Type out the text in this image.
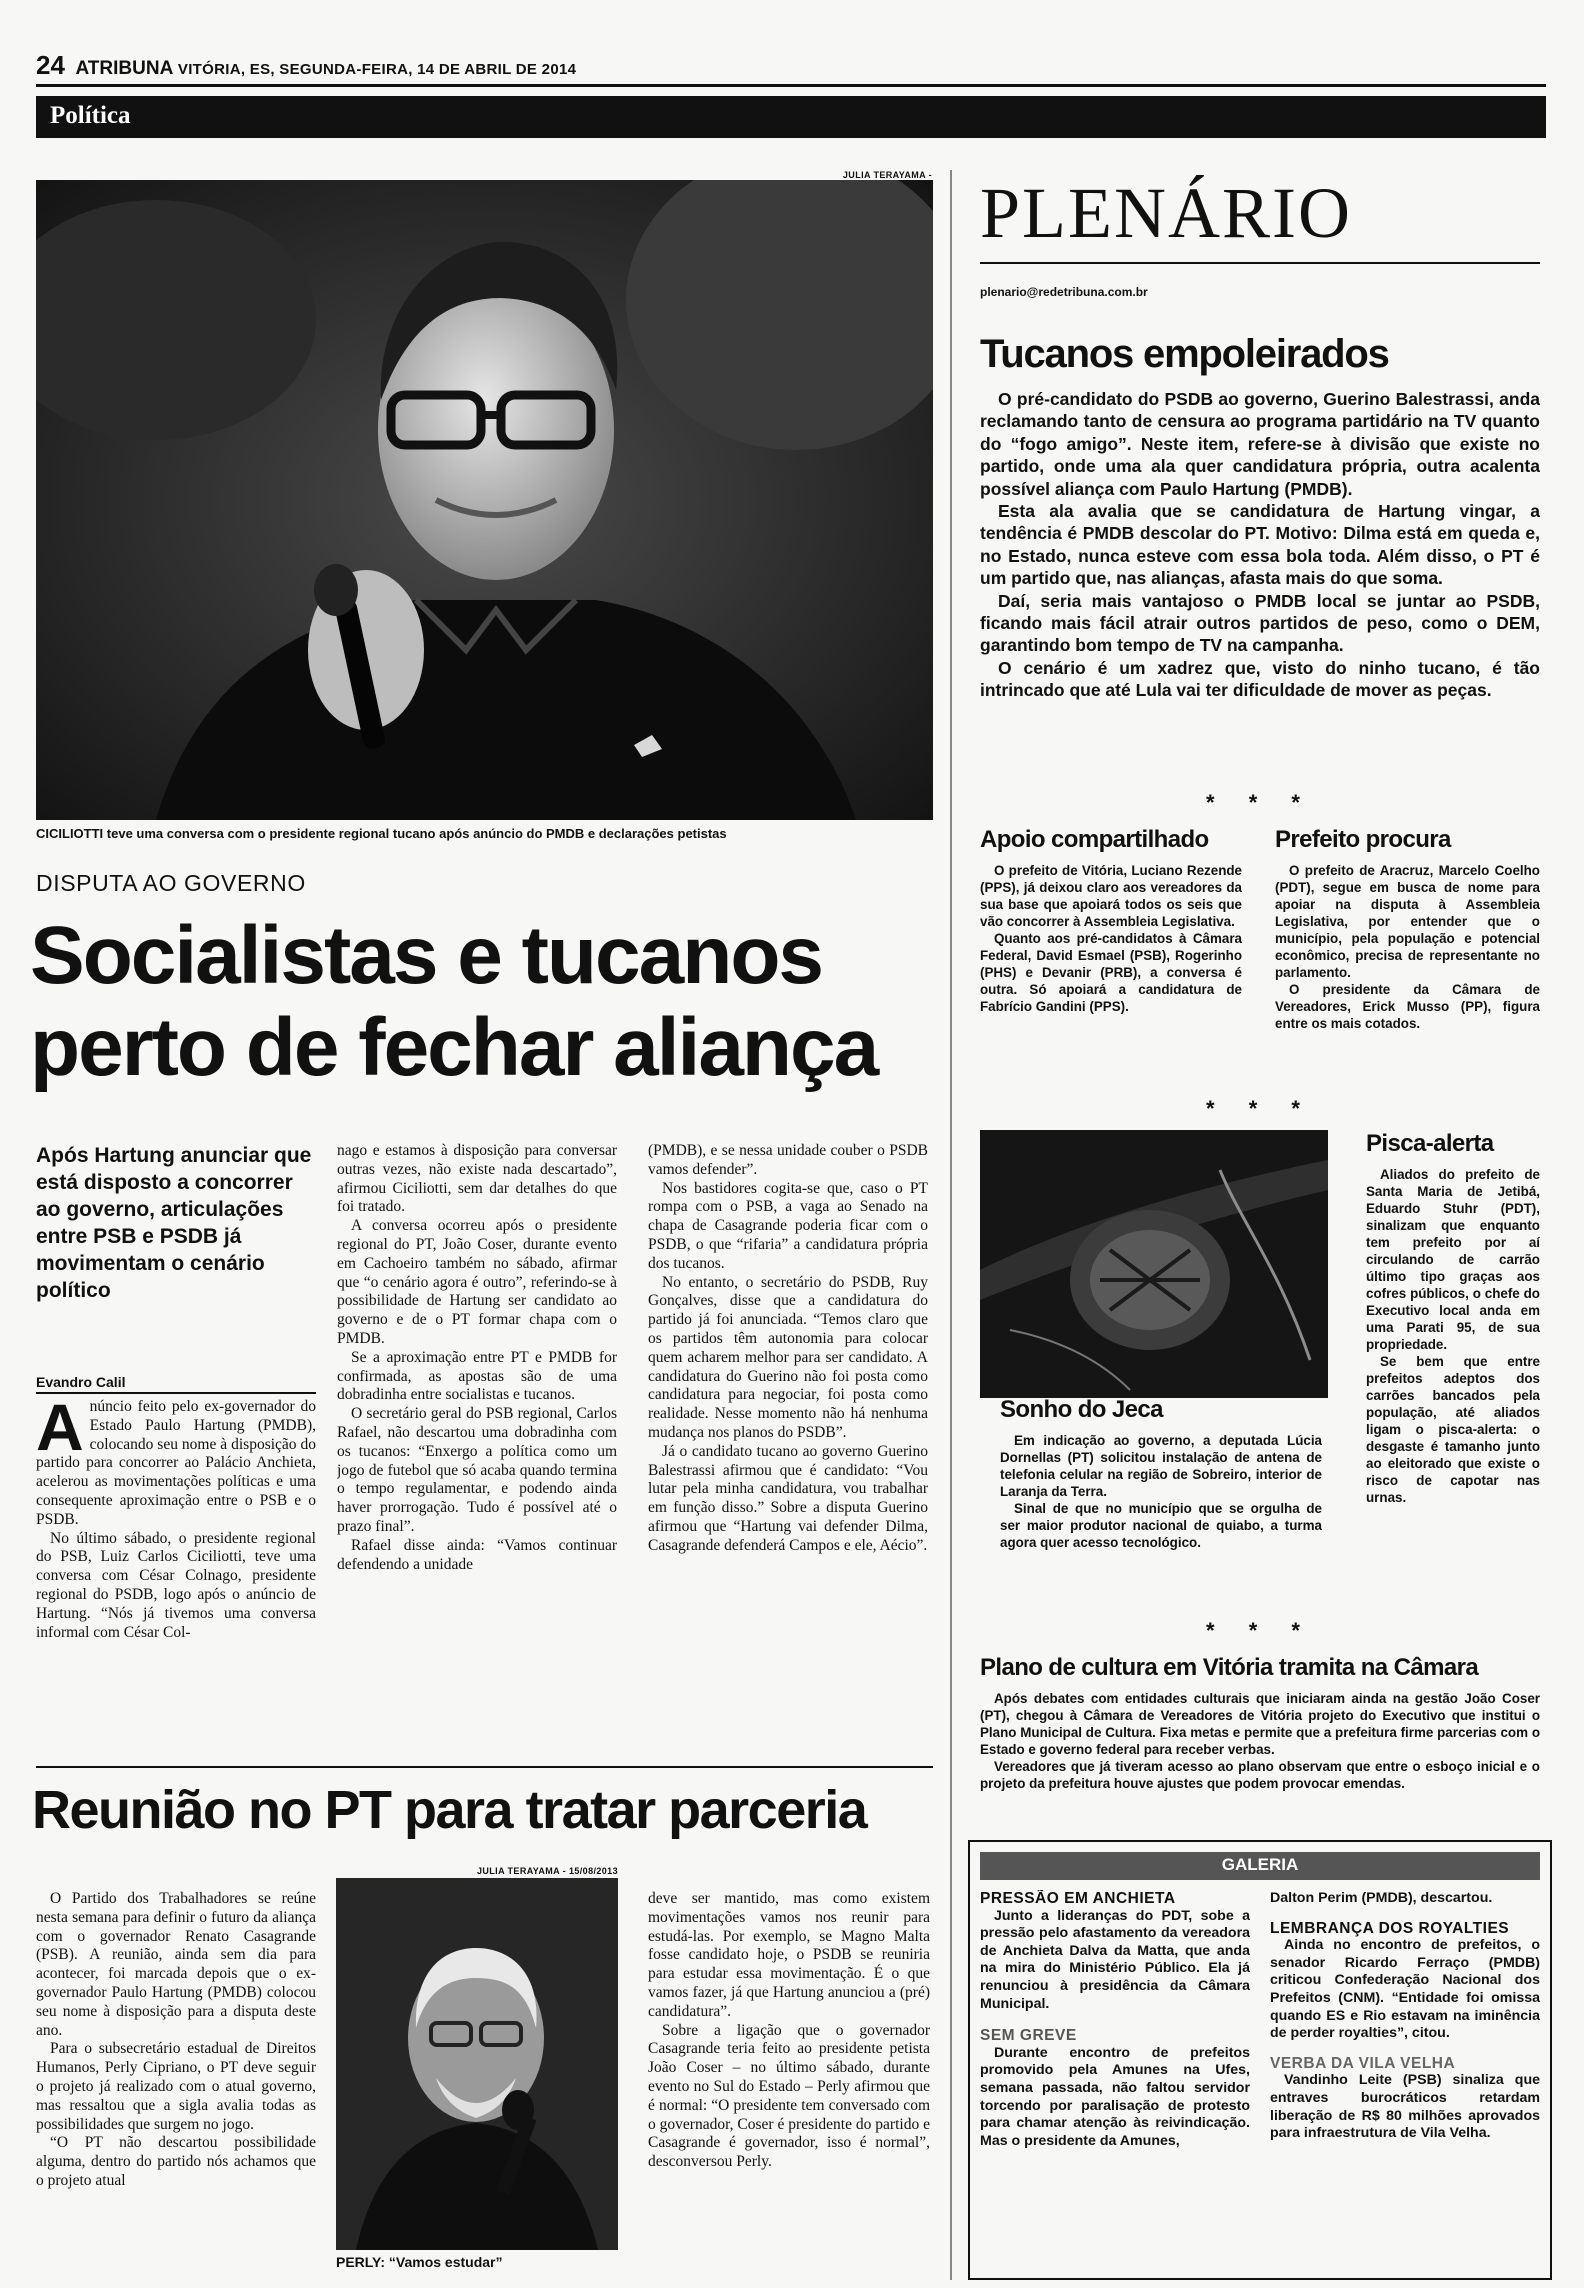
24 ATRIBUNA VITÓRIA, ES, SEGUNDA-FEIRA, 14 DE ABRIL DE 2014
Política
JULIA TERAYAMA -
CICILIOTTI teve uma conversa com o presidente regional tucano após anúncio do PMDB e declarações petistas
DISPUTA AO GOVERNO
Socialistas e tucanos
perto de fechar aliança
Após Hartung anunciar que está disposto a concorrer ao governo, articulações entre PSB e PSDB já movimentam o cenário político
Evandro Calil

Anúncio feito pelo ex-governador do Estado Paulo Hartung (PMDB), colocando seu nome à disposição do partido para concorrer ao Palácio Anchieta, acelerou as movimentações políticas e uma consequente aproximação entre o PSB e o PSDB.

No último sábado, o presidente regional do PSB, Luiz Carlos Ciciliotti, teve uma conversa com César Colnago, presidente regional do PSDB, logo após o anúncio de Hartung. “Nós já tivemos uma conversa informal com César Col-

nago e estamos à disposição para conversar outras vezes, não existe nada descartado”, afirmou Ciciliotti, sem dar detalhes do que foi tratado.

A conversa ocorreu após o presidente regional do PT, João Coser, durante evento em Cachoeiro também no sábado, afirmar que “o cenário agora é outro”, referindo-se à possibilidade de Hartung ser candidato ao governo e de o PT formar chapa com o PMDB.

Se a aproximação entre PT e PMDB for confirmada, as apostas são de uma dobradinha entre socialistas e tucanos.

O secretário geral do PSB regional, Carlos Rafael, não descartou uma dobradinha com os tucanos: “Enxergo a política como um jogo de futebol que só acaba quando termina o tempo regulamentar, e podendo ainda haver prorrogação. Tudo é possível até o prazo final”.

Rafael disse ainda: “Vamos continuar defendendo a unidade

(PMDB), e se nessa unidade couber o PSDB vamos defender”.

Nos bastidores cogita-se que, caso o PT rompa com o PSB, a vaga ao Senado na chapa de Casagrande poderia ficar com o PSDB, o que “rifaria” a candidatura própria dos tucanos.

No entanto, o secretário do PSDB, Ruy Gonçalves, disse que a candidatura do partido já foi anunciada. “Temos claro que os partidos têm autonomia para colocar quem acharem melhor para ser candidato. A candidatura do Guerino não foi posta como candidatura para negociar, foi posta como realidade. Nesse momento não há nenhuma mudança nos planos do PSDB”.

Já o candidato tucano ao governo Guerino Balestrassi afirmou que é candidato: “Vou lutar pela minha candidatura, vou trabalhar em função disso.” Sobre a disputa Guerino afirmou que “Hartung vai defender Dilma, Casagrande defenderá Campos e ele, Aécio”.

Reunião no PT para tratar parceria

O Partido dos Trabalhadores se reúne nesta semana para definir o futuro da aliança com o governador Renato Casagrande (PSB). A reunião, ainda sem dia para acontecer, foi marcada depois que o ex-governador Paulo Hartung (PMDB) colocou seu nome à disposição para a disputa deste ano.

Para o subsecretário estadual de Direitos Humanos, Perly Cipriano, o PT deve seguir o projeto já realizado com o atual governo, mas ressaltou que a sigla avalia todas as possibilidades que surgem no jogo.

“O PT não descartou possibilidade alguma, dentro do partido nós achamos que o projeto atual

JULIA TERAYAMA - 15/08/2013
PERLY: “Vamos estudar”

deve ser mantido, mas como existem movimentações vamos nos reunir para estudá-las. Por exemplo, se Magno Malta fosse candidato hoje, o PSDB se reuniria para estudar essa movimentação. É o que vamos fazer, já que Hartung anunciou a (pré) candidatura”.

Sobre a ligação que o governador Casagrande teria feito ao presidente petista João Coser – no último sábado, durante evento no Sul do Estado – Perly afirmou que é normal: “O presidente tem conversado com o governador, Coser é presidente do partido e Casagrande é governador, isso é normal”, desconversou Perly.

PLENÁRIO
plenario@redetribuna.com.br
Tucanos empoleirados

O pré-candidato do PSDB ao governo, Guerino Balestrassi, anda reclamando tanto de censura ao programa partidário na TV quanto do “fogo amigo”. Neste item, refere-se à divisão que existe no partido, onde uma ala quer candidatura própria, outra acalenta possível aliança com Paulo Hartung (PMDB).

Esta ala avalia que se candidatura de Hartung vingar, a tendência é PMDB descolar do PT. Motivo: Dilma está em queda e, no Estado, nunca esteve com essa bola toda. Além disso, o PT é um partido que, nas alianças, afasta mais do que soma.

Daí, seria mais vantajoso o PMDB local se juntar ao PSDB, ficando mais fácil atrair outros partidos de peso, como o DEM, garantindo bom tempo de TV na campanha.

O cenário é um xadrez que, visto do ninho tucano, é tão intrincado que até Lula vai ter dificuldade de mover as peças.

* * *
Apoio compartilhado

O prefeito de Vitória, Luciano Rezende (PPS), já deixou claro aos vereadores da sua base que apoiará todos os seis que vão concorrer à Assembleia Legislativa.

Quanto aos pré-candidatos à Câmara Federal, David Esmael (PSB), Rogerinho (PHS) e Devanir (PRB), a conversa é outra. Só apoiará a candidatura de Fabrício Gandini (PPS).

Prefeito procura

O prefeito de Aracruz, Marcelo Coelho (PDT), segue em busca de nome para apoiar na disputa à Assembleia Legislativa, por entender que o município, pela população e potencial econômico, precisa de representante no parlamento.

O presidente da Câmara de Vereadores, Erick Musso (PP), figura entre os mais cotados.

* * *
Sonho do Jeca

Em indicação ao governo, a deputada Lúcia Dornellas (PT) solicitou instalação de antena de telefonia celular na região de Sobreiro, interior de Laranja da Terra.

Sinal de que no município que se orgulha de ser maior produtor nacional de quiabo, a turma agora quer acesso tecnológico.

Pisca-alerta

Aliados do prefeito de Santa Maria de Jetibá, Eduardo Stuhr (PDT), sinalizam que enquanto tem prefeito por aí circulando de carrão último tipo graças aos cofres públicos, o chefe do Executivo local anda em uma Parati 95, de sua propriedade.

Se bem que entre prefeitos adeptos dos carrões bancados pela população, até aliados ligam o pisca-alerta: o desgaste é tamanho junto ao eleitorado que existe o risco de capotar nas urnas.

* * *
Plano de cultura em Vitória tramita na Câmara

Após debates com entidades culturais que iniciaram ainda na gestão João Coser (PT), chegou à Câmara de Vereadores de Vitória projeto do Executivo que institui o Plano Municipal de Cultura. Fixa metas e permite que a prefeitura firme parcerias com o Estado e governo federal para receber verbas.

Vereadores que já tiveram acesso ao plano observam que entre o esboço inicial e o projeto da prefeitura houve ajustes que podem provocar emendas.

GALERIA
PRESSÃO EM ANCHIETA

Junto a lideranças do PDT, sobe a pressão pelo afastamento da vereadora de Anchieta Dalva da Matta, que anda na mira do Ministério Público. Ela já renunciou à presidência da Câmara Municipal.

SEM GREVE

Durante encontro de prefeitos promovido pela Amunes na Ufes, semana passada, não faltou servidor torcendo por paralisação de protesto para chamar atenção às reivindicação. Mas o presidente da Amunes,

Dalton Perim (PMDB), descartou.

LEMBRANÇA DOS ROYALTIES

Ainda no encontro de prefeitos, o senador Ricardo Ferraço (PMDB) criticou Confederação Nacional dos Prefeitos (CNM). “Entidade foi omissa quando ES e Rio estavam na iminência de perder royalties”, citou.

VERBA DA VILA VELHA

Vandinho Leite (PSB) sinaliza que entraves burocráticos retardam liberação de R$ 80 milhões aprovados para infraestrutura de Vila Velha.
